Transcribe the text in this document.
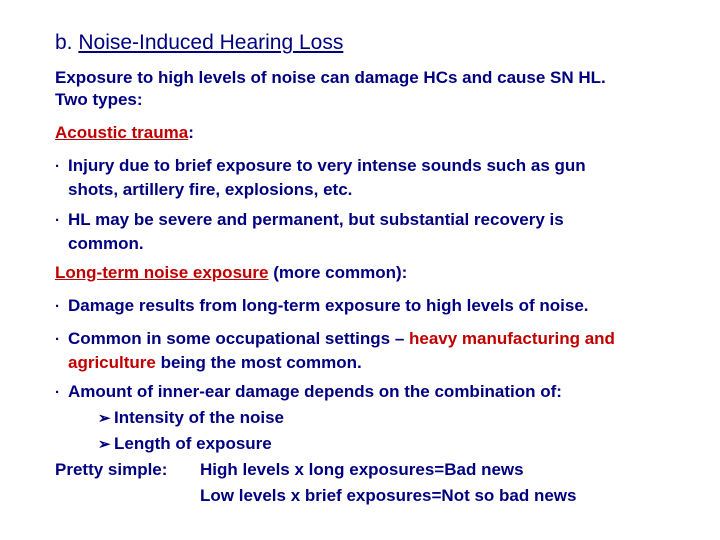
b. Noise-Induced Hearing Loss
Exposure to high levels of noise can damage HCs and cause SN HL.
Two types:
Acoustic trauma:
· Injury due to brief exposure to very intense sounds such as gun
shots, artillery fire, explosions, etc.
· HL may be severe and permanent, but substantial recovery is
common.
Long-term noise exposure (more common):
· Damage results from long-term exposure to high levels of noise.
· Common in some occupational settings – heavy manufacturing and
agriculture being the most common.
· Amount of inner-ear damage depends on the combination of:
➢ Intensity of the noise
➢ Length of exposure
Pretty simple: High levels x long exposures=Bad news
Low levels x brief exposures=Not so bad news
